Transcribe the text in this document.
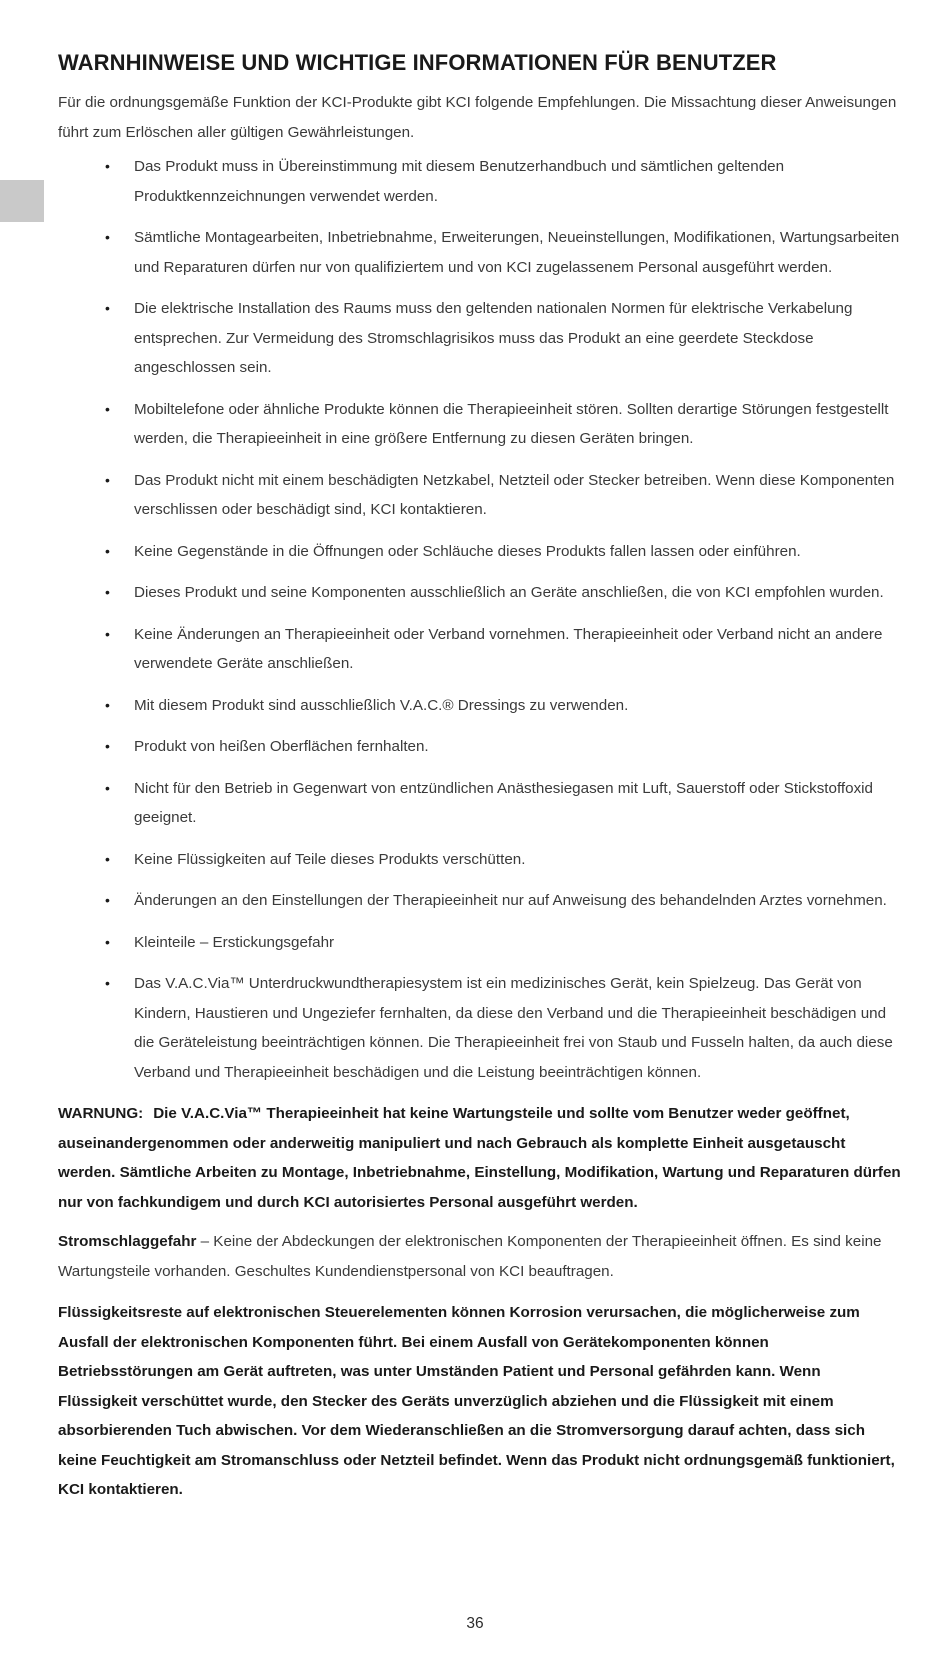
WARNHINWEISE UND WICHTIGE INFORMATIONEN FÜR BENUTZER

Für die ordnungsgemäße Funktion der KCI-Produkte gibt KCI folgende Empfehlungen. Die Missachtung dieser Anweisungen führt zum Erlöschen aller gültigen Gewährleistungen.

• Das Produkt muss in Übereinstimmung mit diesem Benutzerhandbuch und sämtlichen geltenden Produktkennzeichnungen verwendet werden.
• Sämtliche Montagearbeiten, Inbetriebnahme, Erweiterungen, Neueinstellungen, Modifikationen, Wartungsarbeiten und Reparaturen dürfen nur von qualifiziertem und von KCI zugelassenem Personal ausgeführt werden.
• Die elektrische Installation des Raums muss den geltenden nationalen Normen für elektrische Verkabelung entsprechen. Zur Vermeidung des Stromschlagrisikos muss das Produkt an eine geerdete Steckdose angeschlossen sein.
• Mobiltelefone oder ähnliche Produkte können die Therapieeinheit stören. Sollten derartige Störungen festgestellt werden, die Therapieeinheit in eine größere Entfernung zu diesen Geräten bringen.
• Das Produkt nicht mit einem beschädigten Netzkabel, Netzteil oder Stecker betreiben. Wenn diese Komponenten verschlissen oder beschädigt sind, KCI kontaktieren.
• Keine Gegenstände in die Öffnungen oder Schläuche dieses Produkts fallen lassen oder einführen.
• Dieses Produkt und seine Komponenten ausschließlich an Geräte anschließen, die von KCI empfohlen wurden.
• Keine Änderungen an Therapieeinheit oder Verband vornehmen. Therapieeinheit oder Verband nicht an andere verwendete Geräte anschließen.
• Mit diesem Produkt sind ausschließlich V.A.C.® Dressings zu verwenden.
• Produkt von heißen Oberflächen fernhalten.
• Nicht für den Betrieb in Gegenwart von entzündlichen Anästhesiegasen mit Luft, Sauerstoff oder Stickstoffoxid geeignet.
• Keine Flüssigkeiten auf Teile dieses Produkts verschütten.
• Änderungen an den Einstellungen der Therapieeinheit nur auf Anweisung des behandelnden Arztes vornehmen.
• Kleinteile – Erstickungsgefahr
• Das V.A.C.Via™ Unterdruckwundtherapiesystem ist ein medizinisches Gerät, kein Spielzeug. Das Gerät von Kindern, Haustieren und Ungeziefer fernhalten, da diese den Verband und die Therapieeinheit beschädigen und die Geräteleistung beeinträchtigen können. Die Therapieeinheit frei von Staub und Fusseln halten, da auch diese Verband und Therapieeinheit beschädigen und die Leistung beeinträchtigen können.

WARNUNG: Die V.A.C.Via™ Therapieeinheit hat keine Wartungsteile und sollte vom Benutzer weder geöffnet, auseinandergenommen oder anderweitig manipuliert und nach Gebrauch als komplette Einheit ausgetauscht werden. Sämtliche Arbeiten zu Montage, Inbetriebnahme, Einstellung, Modifikation, Wartung und Reparaturen dürfen nur von fachkundigem und durch KCI autorisiertes Personal ausgeführt werden.

Stromschlaggefahr – Keine der Abdeckungen der elektronischen Komponenten der Therapieeinheit öffnen. Es sind keine Wartungsteile vorhanden. Geschultes Kundendienstpersonal von KCI beauftragen.

Flüssigkeitsreste auf elektronischen Steuerelementen können Korrosion verursachen, die möglicherweise zum Ausfall der elektronischen Komponenten führt. Bei einem Ausfall von Gerätekomponenten können Betriebsstörungen am Gerät auftreten, was unter Umständen Patient und Personal gefährden kann. Wenn Flüssigkeit verschüttet wurde, den Stecker des Geräts unverzüglich abziehen und die Flüssigkeit mit einem absorbierenden Tuch abwischen. Vor dem Wiederanschließen an die Stromversorgung darauf achten, dass sich keine Feuchtigkeit am Stromanschluss oder Netzteil befindet. Wenn das Produkt nicht ordnungsgemäß funktioniert, KCI kontaktieren.

36
